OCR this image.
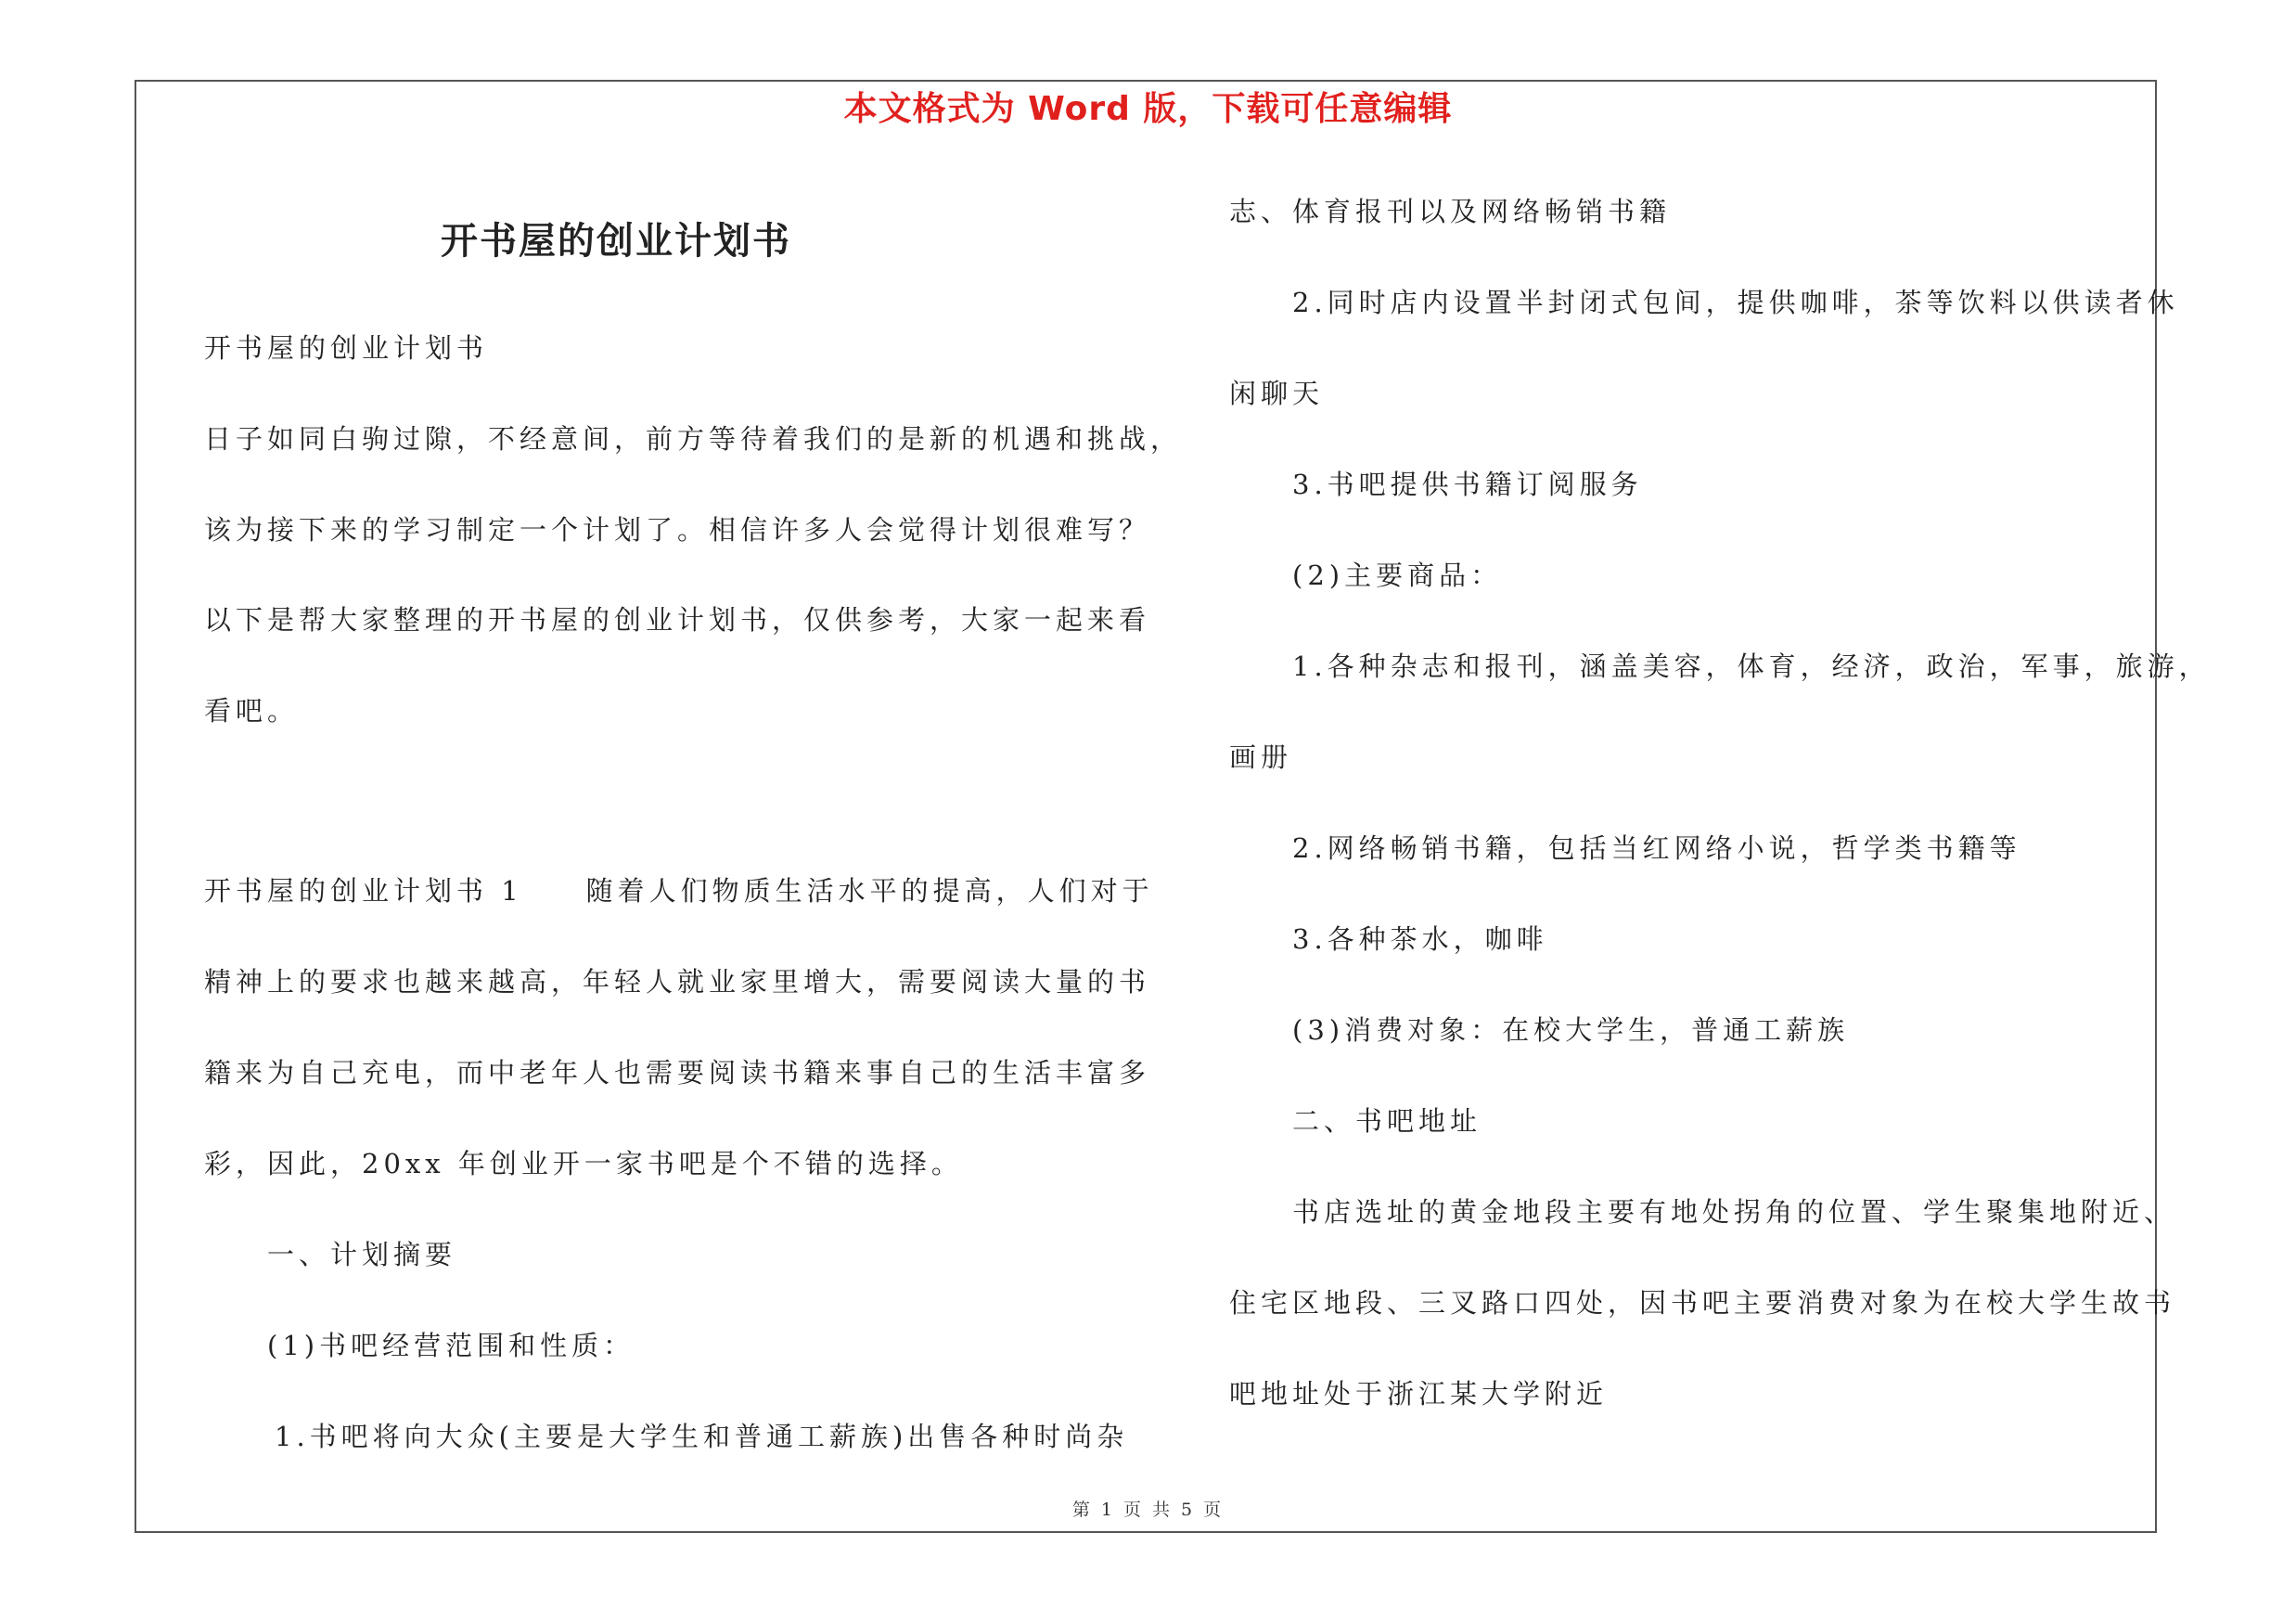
本文格式为 Word 版，下载可任意编辑
开书屋的创业计划书
开书屋的创业计划书
日子如同白驹过隙，不经意间，前方等待着我们的是新的机遇和挑战，
该为接下来的学习制定一个计划了。相信许多人会觉得计划很难写？
以下是帮大家整理的开书屋的创业计划书，仅供参考，大家一起来看
看吧。
开书屋的创业计划书 1　　随着人们物质生活水平的提高，人们对于
精神上的要求也越来越高，年轻人就业家里增大，需要阅读大量的书
籍来为自己充电，而中老年人也需要阅读书籍来事自己的生活丰富多
彩，因此，20xx 年创业开一家书吧是个不错的选择。
一、计划摘要
(1)书吧经营范围和性质：
1.书吧将向大众(主要是大学生和普通工薪族)出售各种时尚杂
志、体育报刊以及网络畅销书籍
2.同时店内设置半封闭式包间，提供咖啡，茶等饮料以供读者休
闲聊天
3.书吧提供书籍订阅服务
(2)主要商品：
1.各种杂志和报刊，涵盖美容，体育，经济，政治，军事，旅游，
画册
2.网络畅销书籍，包括当红网络小说，哲学类书籍等
3.各种茶水，咖啡
(3)消费对象：在校大学生，普通工薪族
二、书吧地址
书店选址的黄金地段主要有地处拐角的位置、学生聚集地附近、
住宅区地段、三叉路口四处，因书吧主要消费对象为在校大学生故书
吧地址处于浙江某大学附近
第 1 页 共 5 页
